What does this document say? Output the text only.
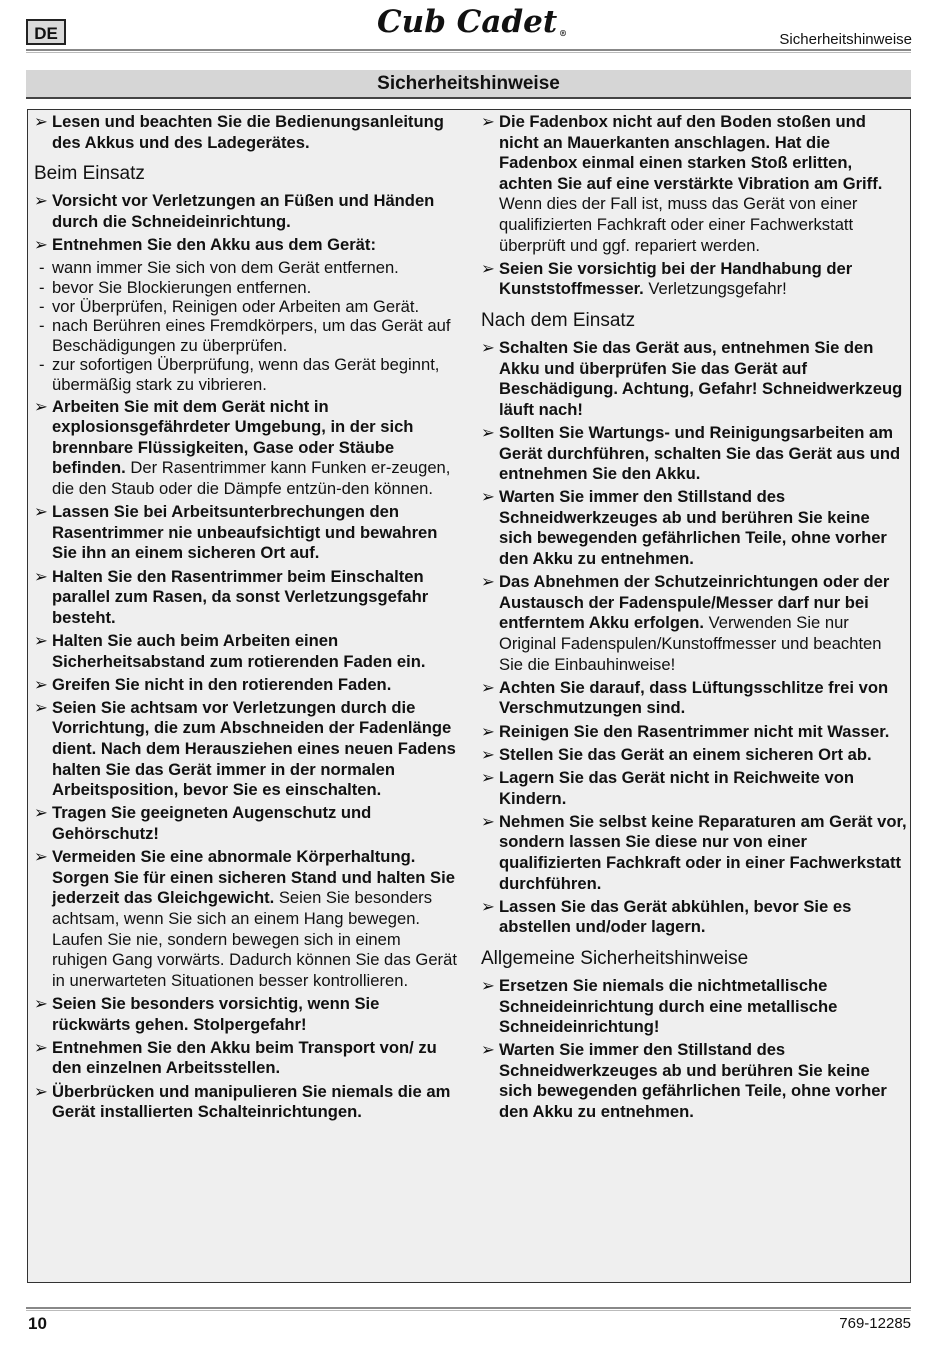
DE	Cub Cadet ®	Sicherheitshinweise
Sicherheitshinweise
➢ Lesen und beachten Sie die Bedienungsanleitung des Akkus und des Ladegerätes.
Beim Einsatz
➢ Vorsicht vor Verletzungen an Füßen und Händen durch die Schneideinrichtung.
➢ Entnehmen Sie den Akku aus dem Gerät:
- wann immer Sie sich von dem Gerät entfernen.
- bevor Sie Blockierungen entfernen.
- vor Überprüfen, Reinigen oder Arbeiten am Gerät.
- nach Berühren eines Fremdkörpers, um das Gerät auf Beschädigungen zu überprüfen.
- zur sofortigen Überprüfung, wenn das Gerät beginnt, übermäßig stark zu vibrieren.
➢ Arbeiten Sie mit dem Gerät nicht in explosionsgefährdeter Umgebung, in der sich brennbare Flüssigkeiten, Gase oder Stäube befinden. Der Rasentrimmer kann Funken er-zeugen, die den Staub oder die Dämpfe entzün-den können.
➢ Lassen Sie bei Arbeitsunterbrechungen den Rasentrimmer nie unbeaufsichtigt und bewahren Sie ihn an einem sicheren Ort auf.
➢ Halten Sie den Rasentrimmer beim Einschalten parallel zum Rasen, da sonst Verletzungsgefahr besteht.
➢ Halten Sie auch beim Arbeiten einen Sicherheitsabstand zum rotierenden Faden ein.
➢ Greifen Sie nicht in den rotierenden Faden.
➢ Seien Sie achtsam vor Verletzungen durch die Vorrichtung, die zum Abschneiden der Fadenlänge dient. Nach dem Herausziehen eines neuen Fadens halten Sie das Gerät immer in der normalen Arbeitsposition, bevor Sie es einschalten.
➢ Tragen Sie geeigneten Augenschutz und Gehörschutz!
➢ Vermeiden Sie eine abnormale Körperhaltung. Sorgen Sie für einen sicheren Stand und halten Sie jederzeit das Gleichgewicht. Seien Sie besonders achtsam, wenn Sie sich an einem Hang bewegen. Laufen Sie nie, sondern bewegen sich in einem ruhigen Gang vorwärts. Dadurch können Sie das Gerät in unerwarteten Situationen besser kontrollieren.
➢ Seien Sie besonders vorsichtig, wenn Sie rückwärts gehen. Stolpergefahr!
➢ Entnehmen Sie den Akku beim Transport von/ zu den einzelnen Arbeitsstellen.
➢ Überbrücken und manipulieren Sie niemals die am Gerät installierten Schalteinrichtungen.
➢ Die Fadenbox nicht auf den Boden stoßen und nicht an Mauerkanten anschlagen. Hat die Fadenbox einmal einen starken Stoß erlitten, achten Sie auf eine verstärkte Vibration am Griff. Wenn dies der Fall ist, muss das Gerät von einer qualifizierten Fachkraft oder einer Fachwerkstatt überprüft und ggf. repariert werden.
➢ Seien Sie vorsichtig bei der Handhabung der Kunststoffmesser. Verletzungsgefahr!
Nach dem Einsatz
➢ Schalten Sie das Gerät aus, entnehmen Sie den Akku und überprüfen Sie das Gerät auf Beschädigung. Achtung, Gefahr! Schneidwerkzeug läuft nach!
➢ Sollten Sie Wartungs- und Reinigungsarbeiten am Gerät durchführen, schalten Sie das Gerät aus und entnehmen Sie den Akku.
➢ Warten Sie immer den Stillstand des Schneidwerkzeuges ab und berühren Sie keine sich bewegenden gefährlichen Teile, ohne vorher den Akku zu entnehmen.
➢ Das Abnehmen der Schutzeinrichtungen oder der Austausch der Fadenspule/Messer darf nur bei entferntem Akku erfolgen. Verwenden Sie nur Original Fadenspulen/Kunstoffmesser und beachten Sie die Einbauhinweise!
➢ Achten Sie darauf, dass Lüftungsschlitze frei von Verschmutzungen sind.
➢ Reinigen Sie den Rasentrimmer nicht mit Wasser.
➢ Stellen Sie das Gerät an einem sicheren Ort ab.
➢ Lagern Sie das Gerät nicht in Reichweite von Kindern.
➢ Nehmen Sie selbst keine Reparaturen am Gerät vor, sondern lassen Sie diese nur von einer qualifizierten Fachkraft oder in einer Fachwerkstatt durchführen.
➢ Lassen Sie das Gerät abkühlen, bevor Sie es abstellen und/oder lagern.
Allgemeine Sicherheitshinweise
➢ Ersetzen Sie niemals die nichtmetallische Schneideinrichtung durch eine metallische Schneideinrichtung!
➢ Warten Sie immer den Stillstand des Schneidwerkzeuges ab und berühren Sie keine sich bewegenden gefährlichen Teile, ohne vorher den Akku zu entnehmen.
10	769-12285
